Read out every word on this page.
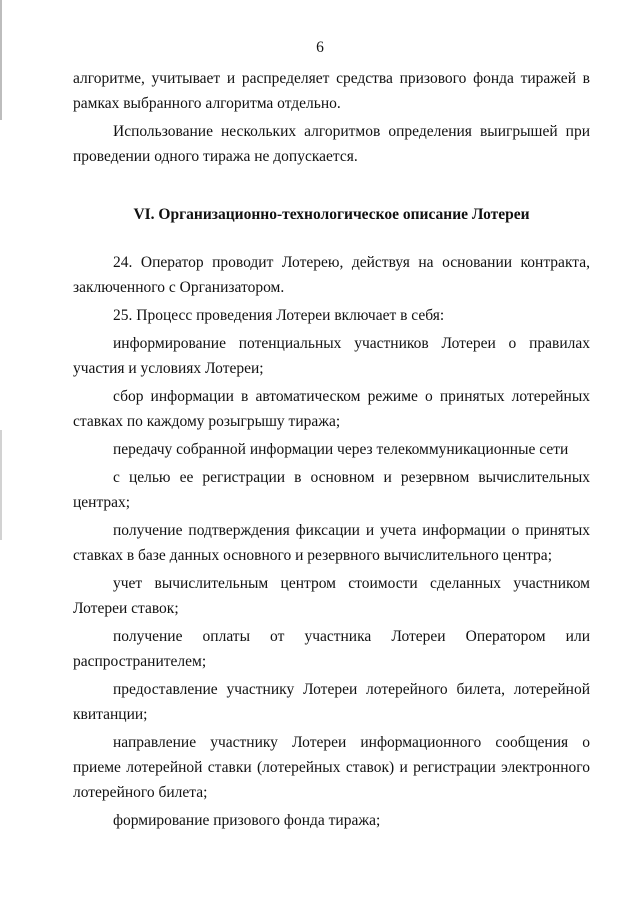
6

алгоритме, учитывает и распределяет средства призового фонда тиражей в рамках выбранного алгоритма отдельно.

Использование нескольких алгоритмов определения выигрышей при проведении одного тиража не допускается.

VI. Организационно-технологическое описание Лотереи

24. Оператор проводит Лотерею, действуя на основании контракта, заключенного с Организатором.

25. Процесс проведения Лотереи включает в себя:

информирование потенциальных участников Лотереи о правилах участия и условиях Лотереи;

сбор информации в автоматическом режиме о принятых лотерейных ставках по каждому розыгрышу тиража;

передачу собранной информации через телекоммуникационные сети

с целью ее регистрации в основном и резервном вычислительных центрах;

получение подтверждения фиксации и учета информации о принятых ставках в базе данных основного и резервного вычислительного центра;

учет вычислительным центром стоимости сделанных участником Лотереи ставок;

получение оплаты от участника Лотереи Оператором или распространителем;

предоставление участнику Лотереи лотерейного билета, лотерейной квитанции;

направление участнику Лотереи информационного сообщения о приеме лотерейной ставки (лотерейных ставок) и регистрации электронного лотерейного билета;

формирование призового фонда тиража;
